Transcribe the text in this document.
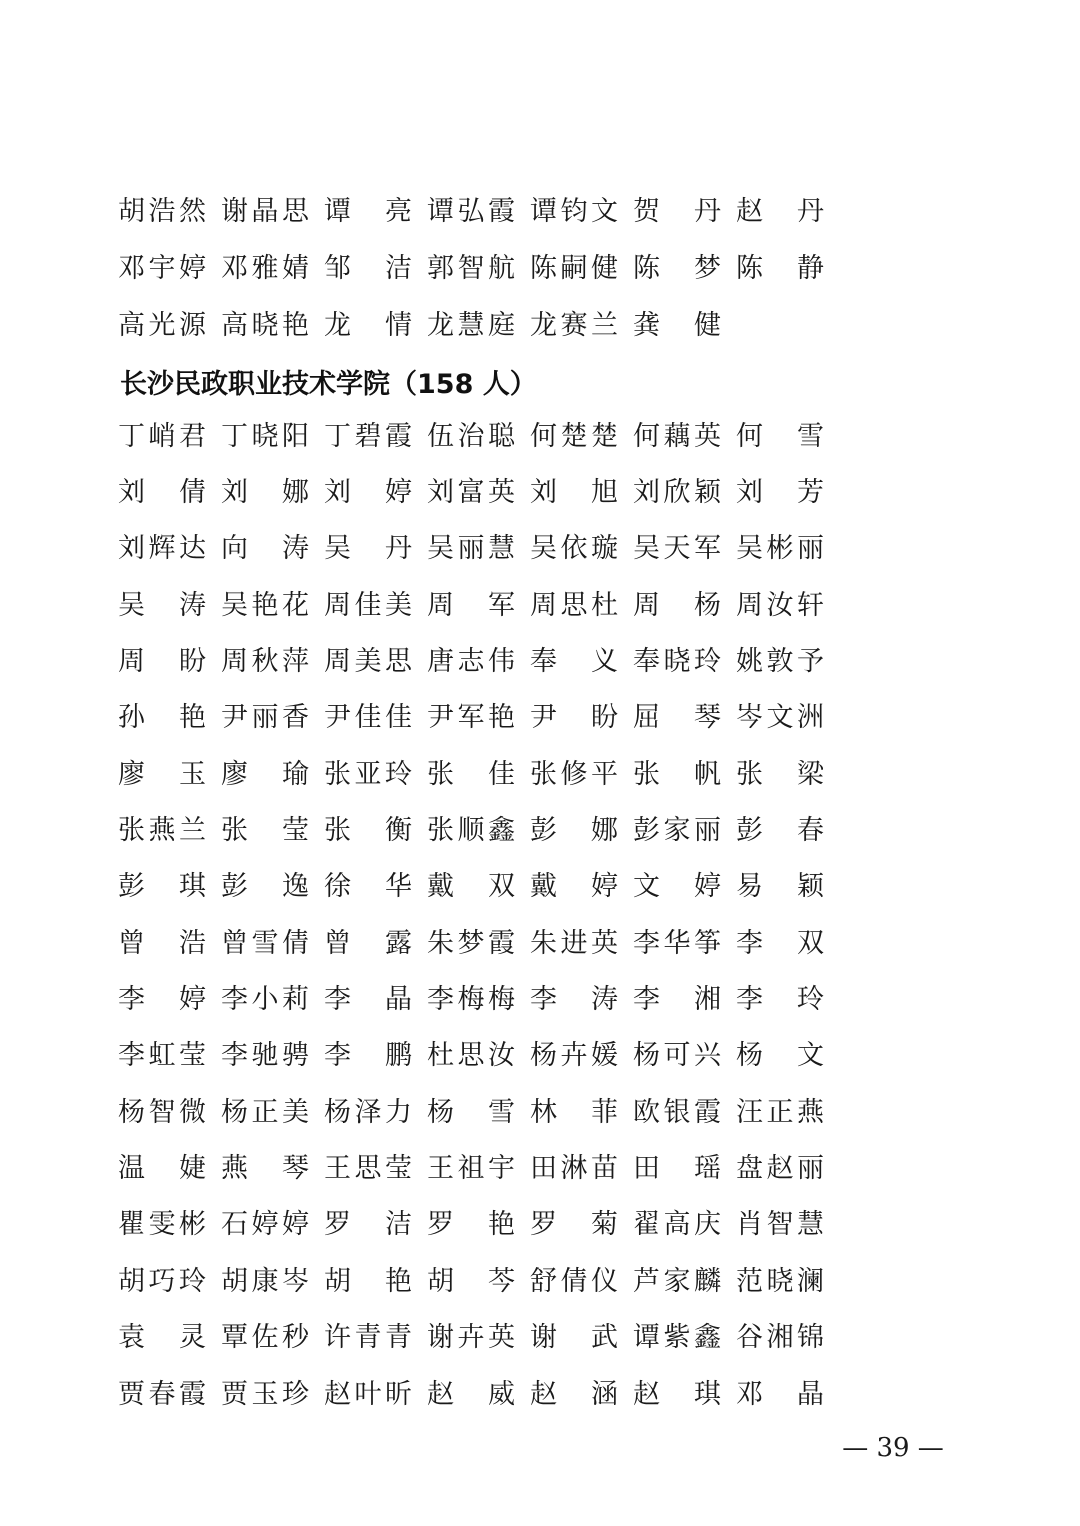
胡 浩 然 谢 晶 思 谭 亮 谭 弘 霞 谭 钧 文 贺 丹 赵 丹
邓 宇 婷 邓 雅 婧 邹 洁 郭 智 航 陈 嗣 健 陈 梦 陈 静
高 光 源 高 晓 艳 龙 情 龙 慧 庭 龙 赛 兰 龚 健
长沙民政职业技术学院（158 人）
丁 峭 君 丁 晓 阳 丁 碧 霞 伍 治 聪 何 楚 楚 何 藕 英 何 雪
刘 倩 刘 娜 刘 婷 刘 富 英 刘 旭 刘 欣 颖 刘 芳
刘 辉 达 向 涛 吴 丹 吴 丽 慧 吴 依 璇 吴 天 军 吴 彬 丽
吴 涛 吴 艳 花 周 佳 美 周 军 周 思 杜 周 杨 周 汝 轩
周 盼 周 秋 萍 周 美 思 唐 志 伟 奉 义 奉 晓 玲 姚 敦 予
孙 艳 尹 丽 香 尹 佳 佳 尹 军 艳 尹 盼 屈 琴 岑 文 洲
廖 玉 廖 瑜 张 亚 玲 张 佳 张 修 平 张 帆 张 梁
张 燕 兰 张 莹 张 衡 张 顺 鑫 彭 娜 彭 家 丽 彭 春
彭 琪 彭 逸 徐 华 戴 双 戴 婷 文 婷 易 颖
曾 浩 曾 雪 倩 曾 露 朱 梦 霞 朱 进 英 李 华 筝 李 双
李 婷 李 小 莉 李 晶 李 梅 梅 李 涛 李 湘 李 玲
李 虹 莹 李 驰 骋 李 鹏 杜 思 汝 杨 卉 媛 杨 可 兴 杨 文
杨 智 微 杨 正 美 杨 泽 力 杨 雪 林 菲 欧 银 霞 汪 正 燕
温 婕 燕 琴 王 思 莹 王 祖 宇 田 淋 苗 田 瑶 盘 赵 丽
瞿 雯 彬 石 婷 婷 罗 洁 罗 艳 罗 菊 翟 高 庆 肖 智 慧
胡 巧 玲 胡 康 岑 胡 艳 胡 芩 舒 倩 仪 芦 家 麟 范 晓 澜
袁 灵 覃 佐 秒 许 青 青 谢 卉 英 谢 武 谭 紫 鑫 谷 湘 锦
贾 春 霞 贾 玉 珍 赵 叶 昕 赵 威 赵 涵 赵 琪 邓 晶
— 39 —
